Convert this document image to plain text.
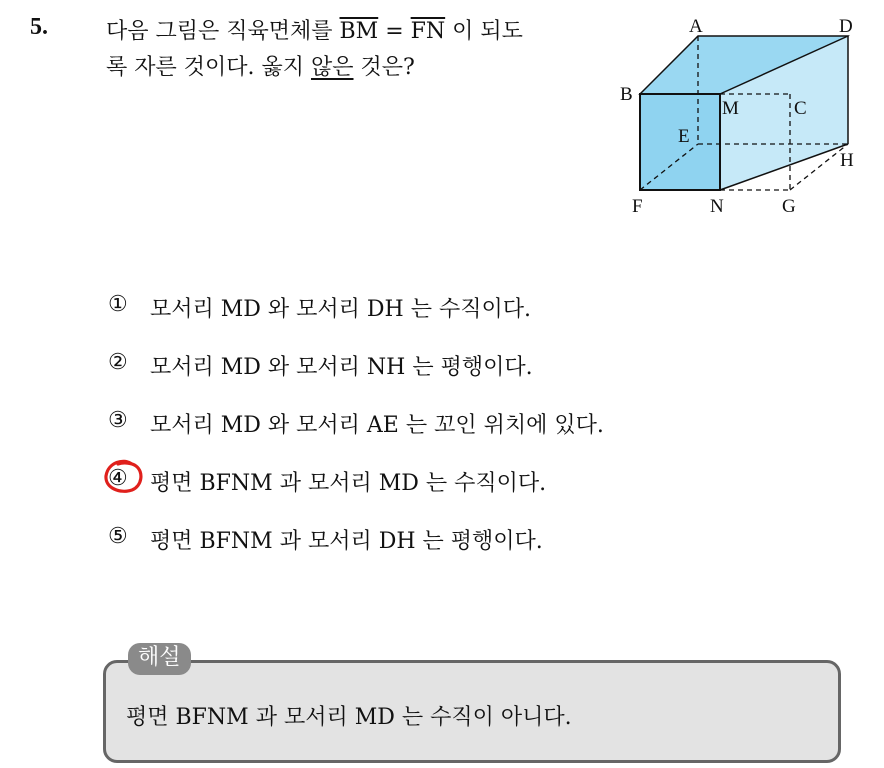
5.	다음 그림은 직육면체를 $\overline{BM} = \overline{FN}$ 이 되도
록 자른 것이다. 옳지 않은 것은?
A	D
B
M	C
E
H
F	N	G
①	모서리 MD 와 모서리 DH 는 수직이다.
②	모서리 MD 와 모서리 NH 는 평행이다.
③	모서리 MD 와 모서리 AE 는 꼬인 위치에 있다.
④	평면 BFNM 과 모서리 MD 는 수직이다.
⑤	평면 BFNM 과 모서리 DH 는 평행이다.
해설
평면 BFNM 과 모서리 MD 는 수직이 아니다.
